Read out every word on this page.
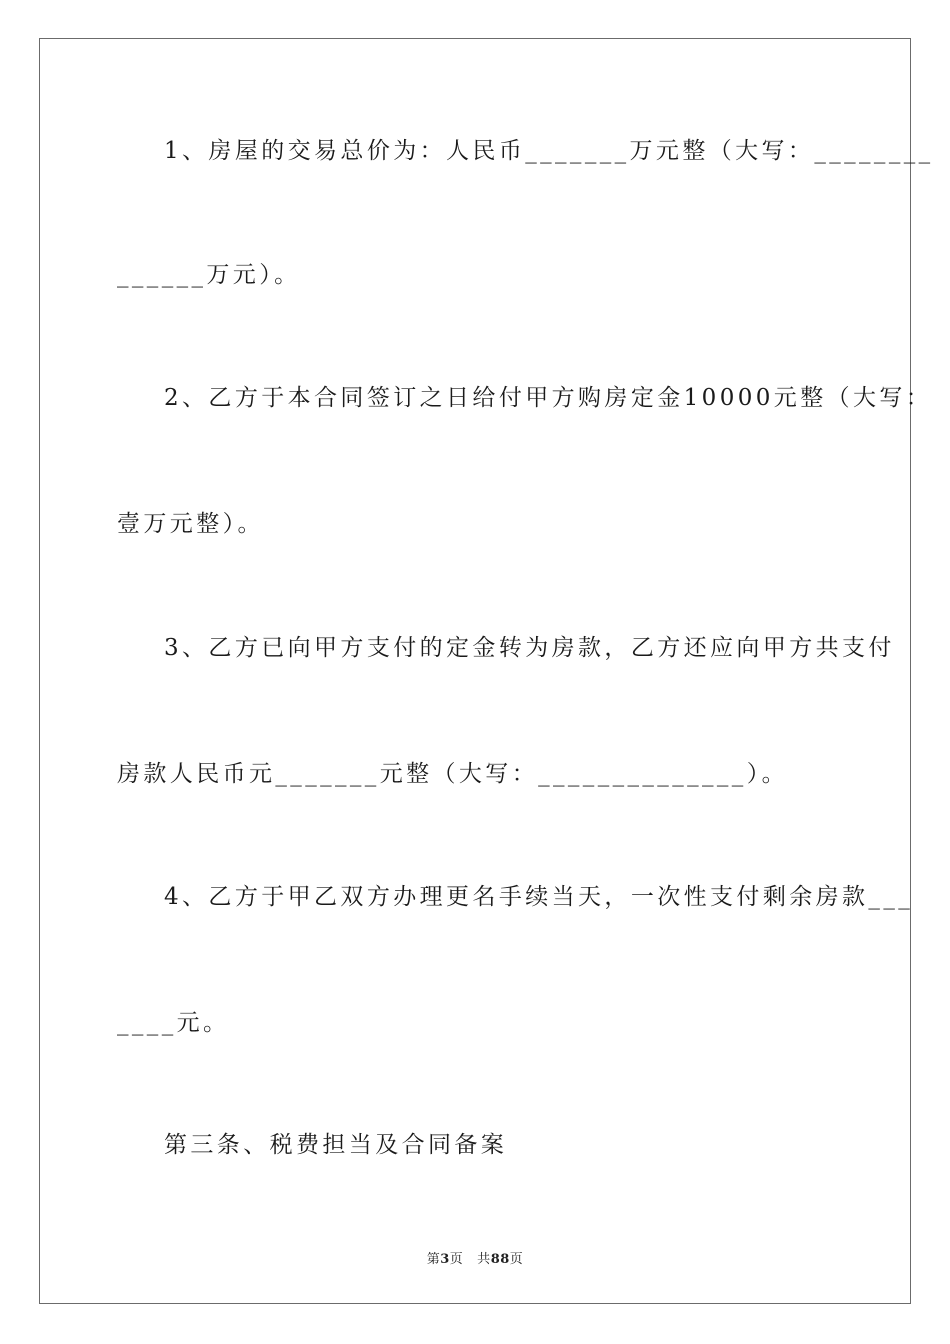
1、房屋的交易总价为：人民币_______万元整（大写：________
______万元）。
2、乙方于本合同签订之日给付甲方购房定金10000元整（大写：
壹万元整）。
3、乙方已向甲方支付的定金转为房款，乙方还应向甲方共支付
房款人民币元_______元整（大写：______________）。
4、乙方于甲乙双方办理更名手续当天，一次性支付剩余房款___
____元。
第三条、税费担当及合同备案
第3页 共88页
